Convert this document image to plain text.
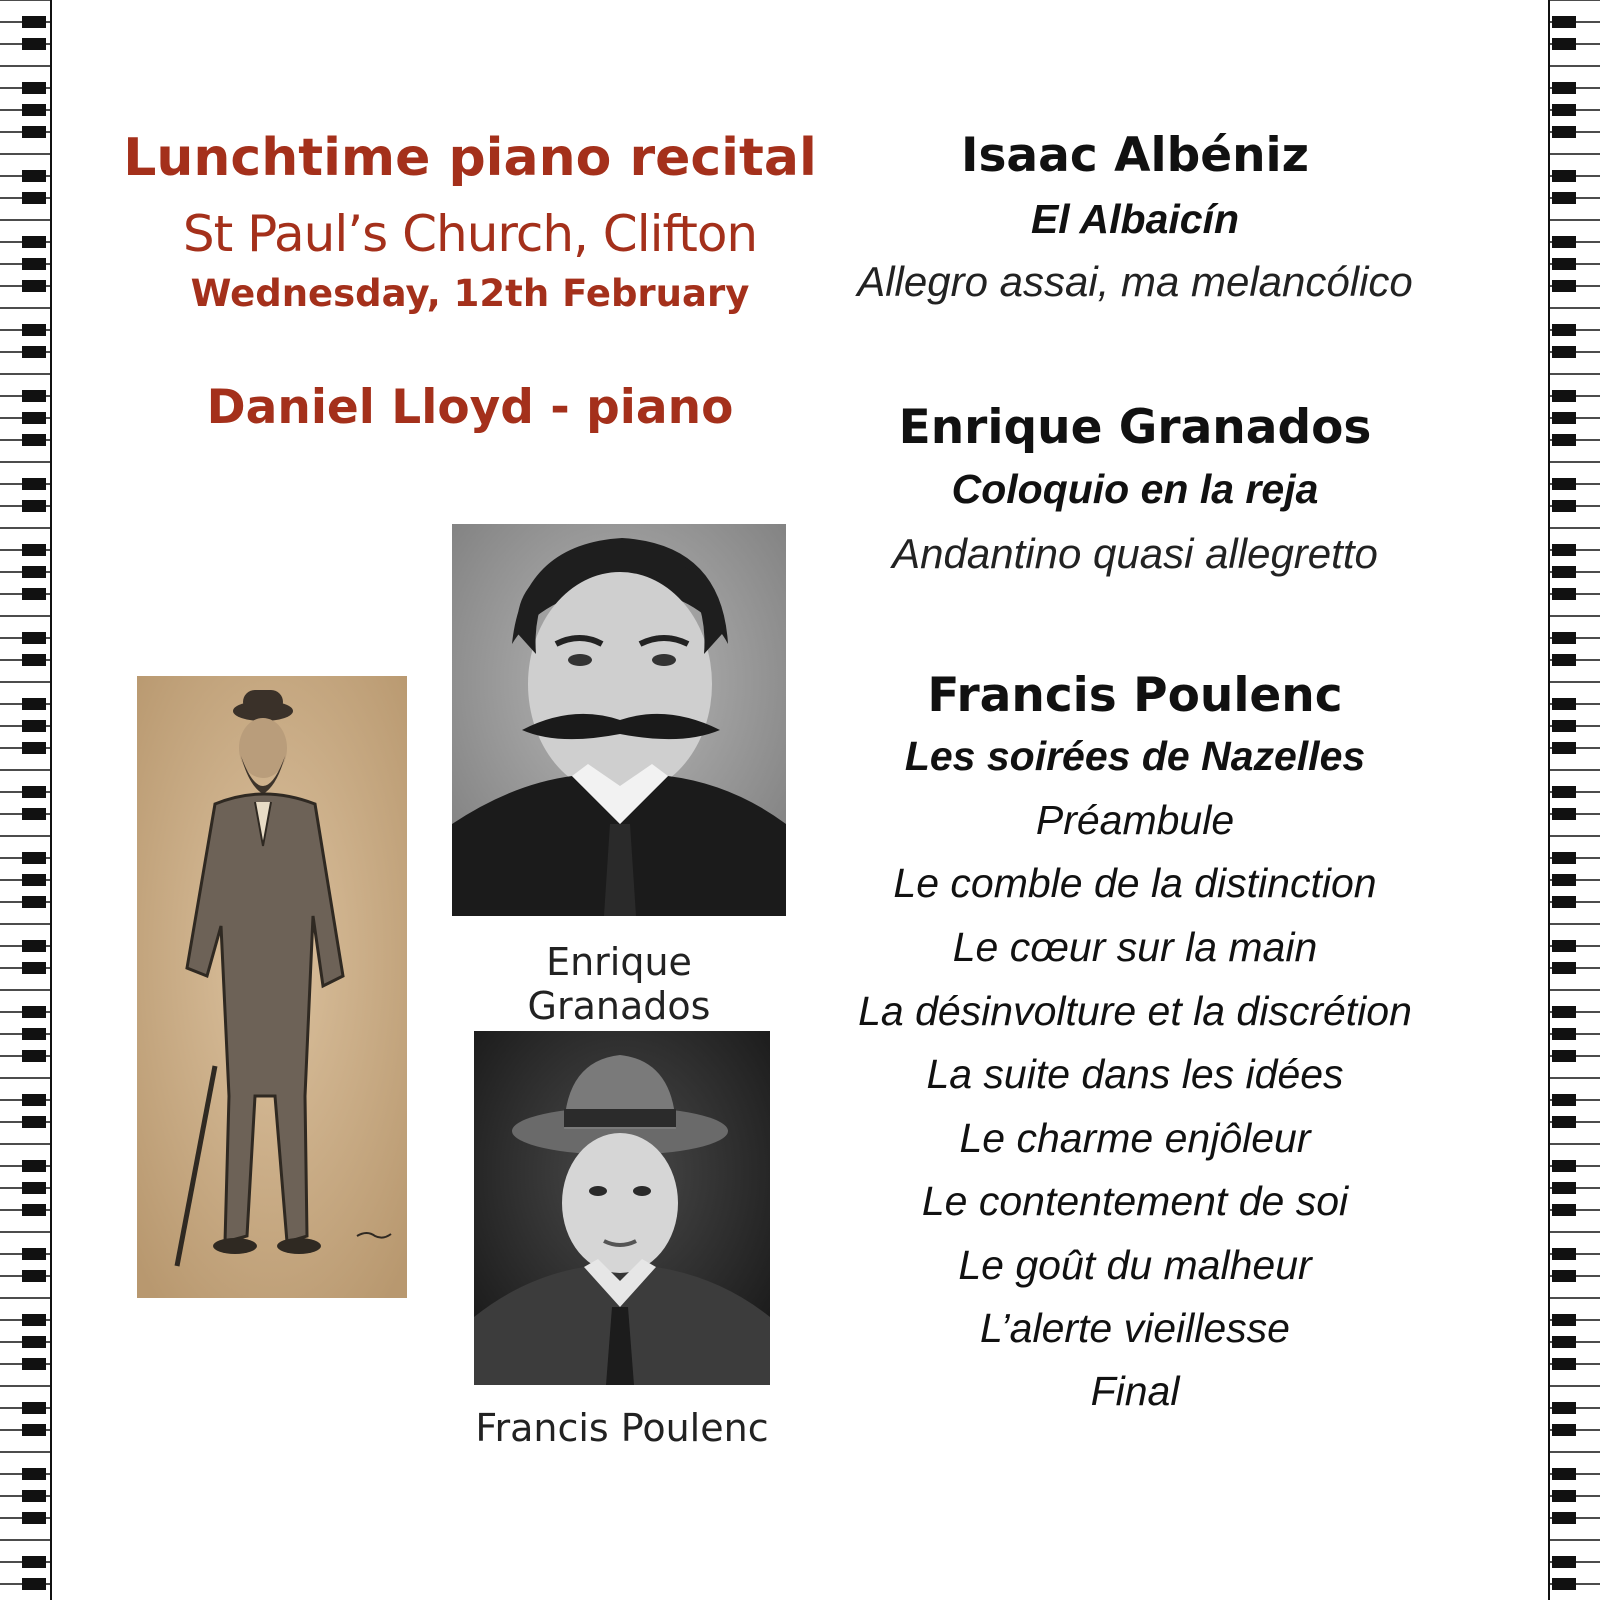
Lunchtime piano recital
St Paul’s Church, Clifton
Wednesday, 12th February
Daniel Lloyd - piano
Isaac Albéniz
El Albaicín
Allegro assai, ma melancólico
Enrique Granados
Coloquio en la reja
Andantino quasi allegretto
Francis Poulenc
Les soirées de Nazelles
Préambule
Le comble de la distinction
Le cœur sur la main
La désinvolture et la discrétion
La suite dans les idées
Le charme enjôleur
Le contentement de soi
Le goût du malheur
L’alerte vieillesse
Final
Enrique Granados
Francis Poulenc
